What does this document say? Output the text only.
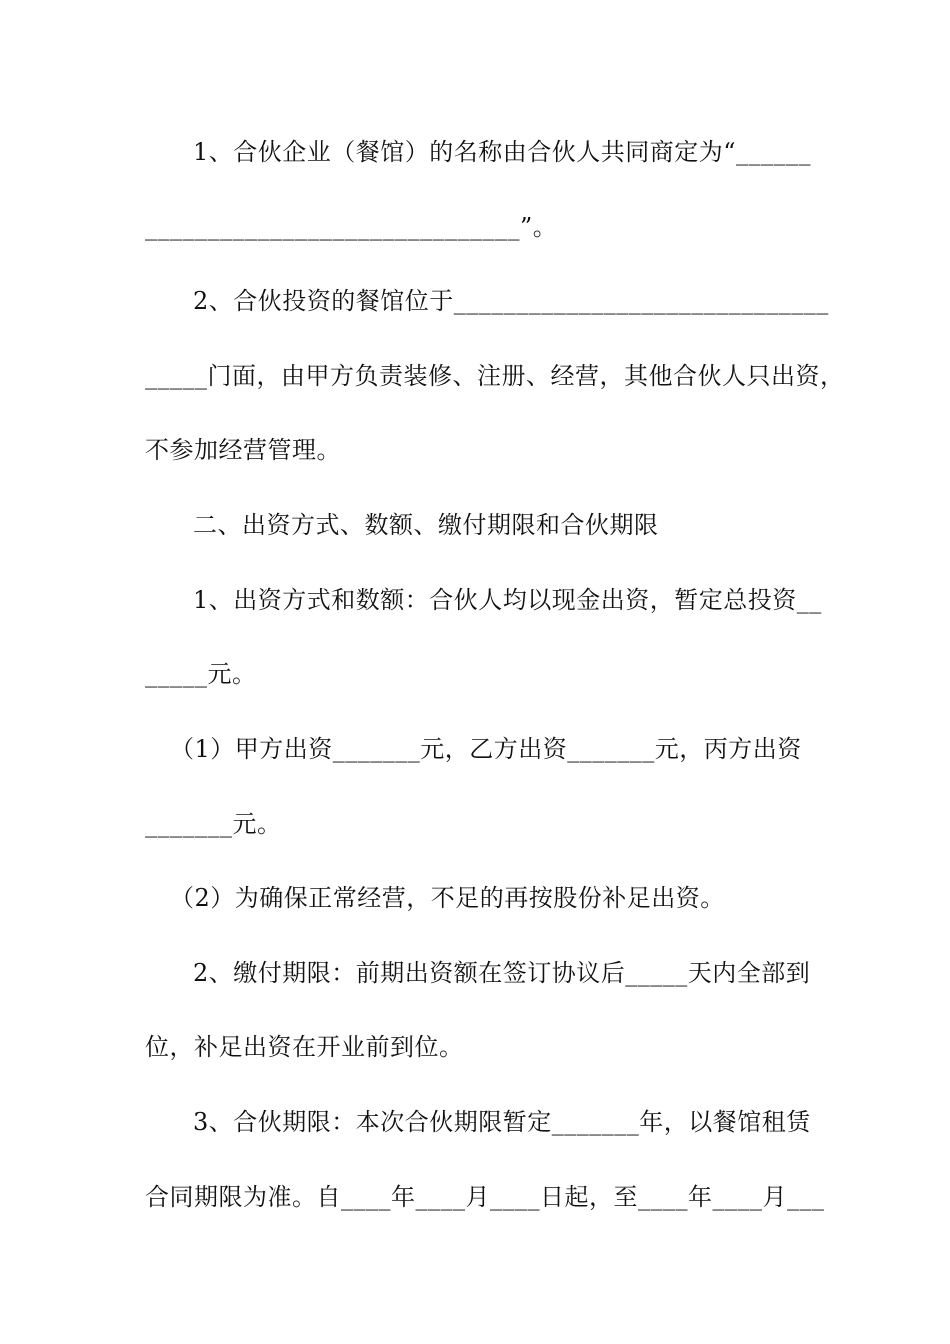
1、合伙企业（餐馆）的名称由合伙人共同商定为“______
______________________________”。
2、合伙投资的餐馆位于______________________________
_____门面，由甲方负责装修、注册、经营，其他合伙人只出资，
不参加经营管理。
二、出资方式、数额、缴付期限和合伙期限
1、出资方式和数额：合伙人均以现金出资，暂定总投资__
_____元。
（1）甲方出资_______元，乙方出资_______元，丙方出资
_______元。
（2）为确保正常经营，不足的再按股份补足出资。
2、缴付期限：前期出资额在签订协议后_____天内全部到
位，补足出资在开业前到位。
3、合伙期限：本次合伙期限暂定_______年，以餐馆租赁
合同期限为准。自____年____月____日起，至____年____月___
